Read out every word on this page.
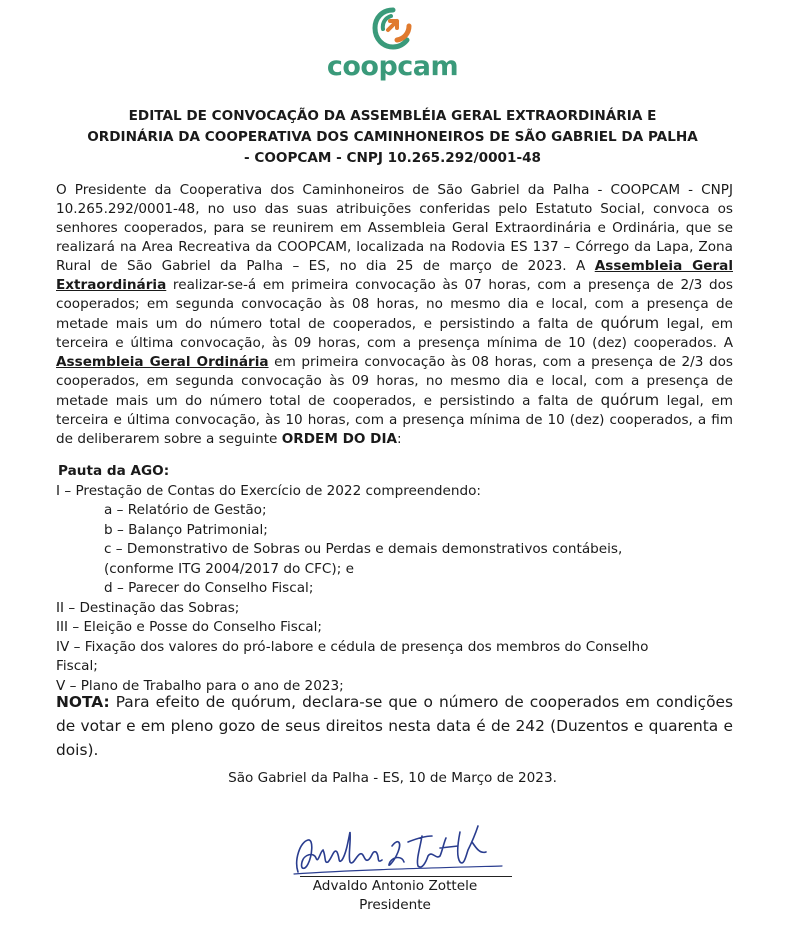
coopcam
EDITAL DE CONVOCAÇÃO DA ASSEMBLÉIA GERAL EXTRAORDINÁRIA E
ORDINÁRIA DA COOPERATIVA DOS CAMINHONEIROS DE SÃO GABRIEL DA PALHA
- COOPCAM - CNPJ 10.265.292/0001-48

O Presidente da Cooperativa dos Caminhoneiros de São Gabriel da Palha - COOPCAM - CNPJ 10.265.292/0001-48, no uso das suas atribuições conferidas pelo Estatuto Social, convoca os senhores cooperados, para se reunirem em Assembleia Geral Extraordinária e Ordinária, que se realizará na Area Recreativa da COOPCAM, localizada na Rodovia ES 137 – Córrego da Lapa, Zona Rural de São Gabriel da Palha – ES, no dia 25 de março de 2023. A Assembleia Geral Extraordinária realizar-se-á em primeira convocação às 07 horas, com a presença de 2/3 dos cooperados; em segunda convocação às 08 horas, no mesmo dia e local, com a presença de metade mais um do número total de cooperados, e persistindo a falta de quórum legal, em terceira e última convocação, às 09 horas, com a presença mínima de 10 (dez) cooperados. A Assembleia Geral Ordinária em primeira convocação às 08 horas, com a presença de 2/3 dos cooperados, em segunda convocação às 09 horas, no mesmo dia e local, com a presença de metade mais um do número total de cooperados, e persistindo a falta de quórum legal, em terceira e última convocação, às 10 horas, com a presença mínima de 10 (dez) cooperados, a fim de deliberarem sobre a seguinte ORDEM DO DIA:

Pauta da AGO:
I – Prestação de Contas do Exercício de 2022 compreendendo:
a – Relatório de Gestão;
b – Balanço Patrimonial;
c – Demonstrativo de Sobras ou Perdas e demais demonstrativos contábeis,
(conforme ITG 2004/2017 do CFC); e
d – Parecer do Conselho Fiscal;
II – Destinação das Sobras;
III – Eleição e Posse do Conselho Fiscal;
IV – Fixação dos valores do pró-labore e cédula de presença dos membros do Conselho
Fiscal;
V – Plano de Trabalho para o ano de 2023;
NOTA: Para efeito de quórum, declara-se que o número de cooperados em condições de votar e em pleno gozo de seus direitos nesta data é de 242 (Duzentos e quarenta e dois).
São Gabriel da Palha - ES, 10 de Março de 2023.
Advaldo Antonio Zottele
Presidente
